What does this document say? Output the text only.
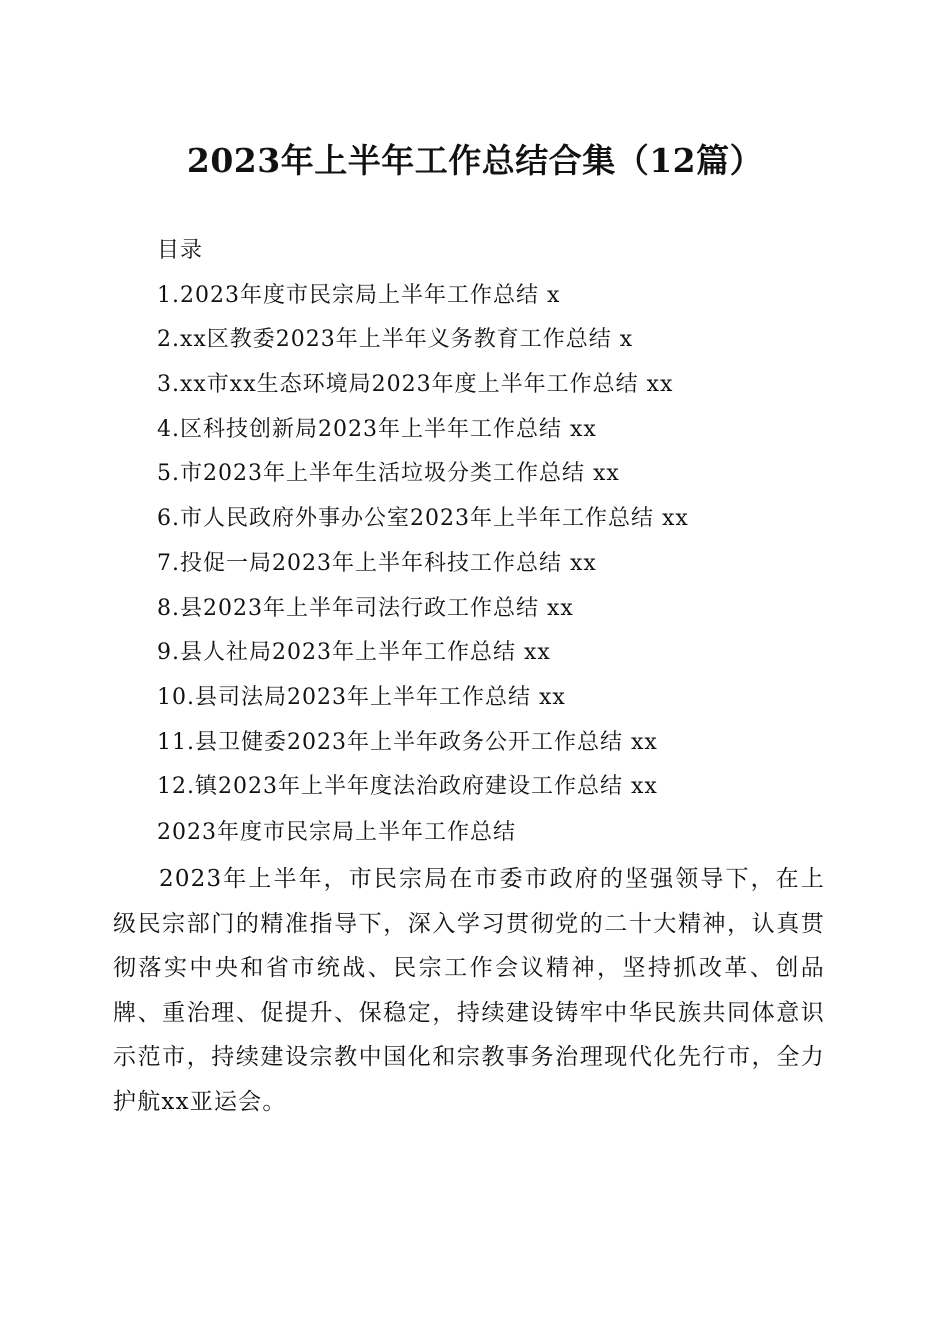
2023年上半年工作总结合集（12篇）
目录
1.2023年度市民宗局上半年工作总结 x
2.xx区教委2023年上半年义务教育工作总结 x
3.xx市xx生态环境局2023年度上半年工作总结 xx
4.区科技创新局2023年上半年工作总结 xx
5.市2023年上半年生活垃圾分类工作总结 xx
6.市人民政府外事办公室2023年上半年工作总结 xx
7.投促一局2023年上半年科技工作总结 xx
8.县2023年上半年司法行政工作总结 xx
9.县人社局2023年上半年工作总结 xx
10.县司法局2023年上半年工作总结 xx
11.县卫健委2023年上半年政务公开工作总结 xx
12.镇2023年上半年度法治政府建设工作总结 xx
2023年度市民宗局上半年工作总结

2023年上半年，市民宗局在市委市政府的坚强领导下，在上级民宗部门的精准指导下，深入学习贯彻党的二十大精神，认真贯彻落实中央和省市统战、民宗工作会议精神，坚持抓改革、创品牌、重治理、促提升、保稳定，持续建设铸牢中华民族共同体意识示范市，持续建设宗教中国化和宗教事务治理现代化先行市，全力护航xx亚运会。
